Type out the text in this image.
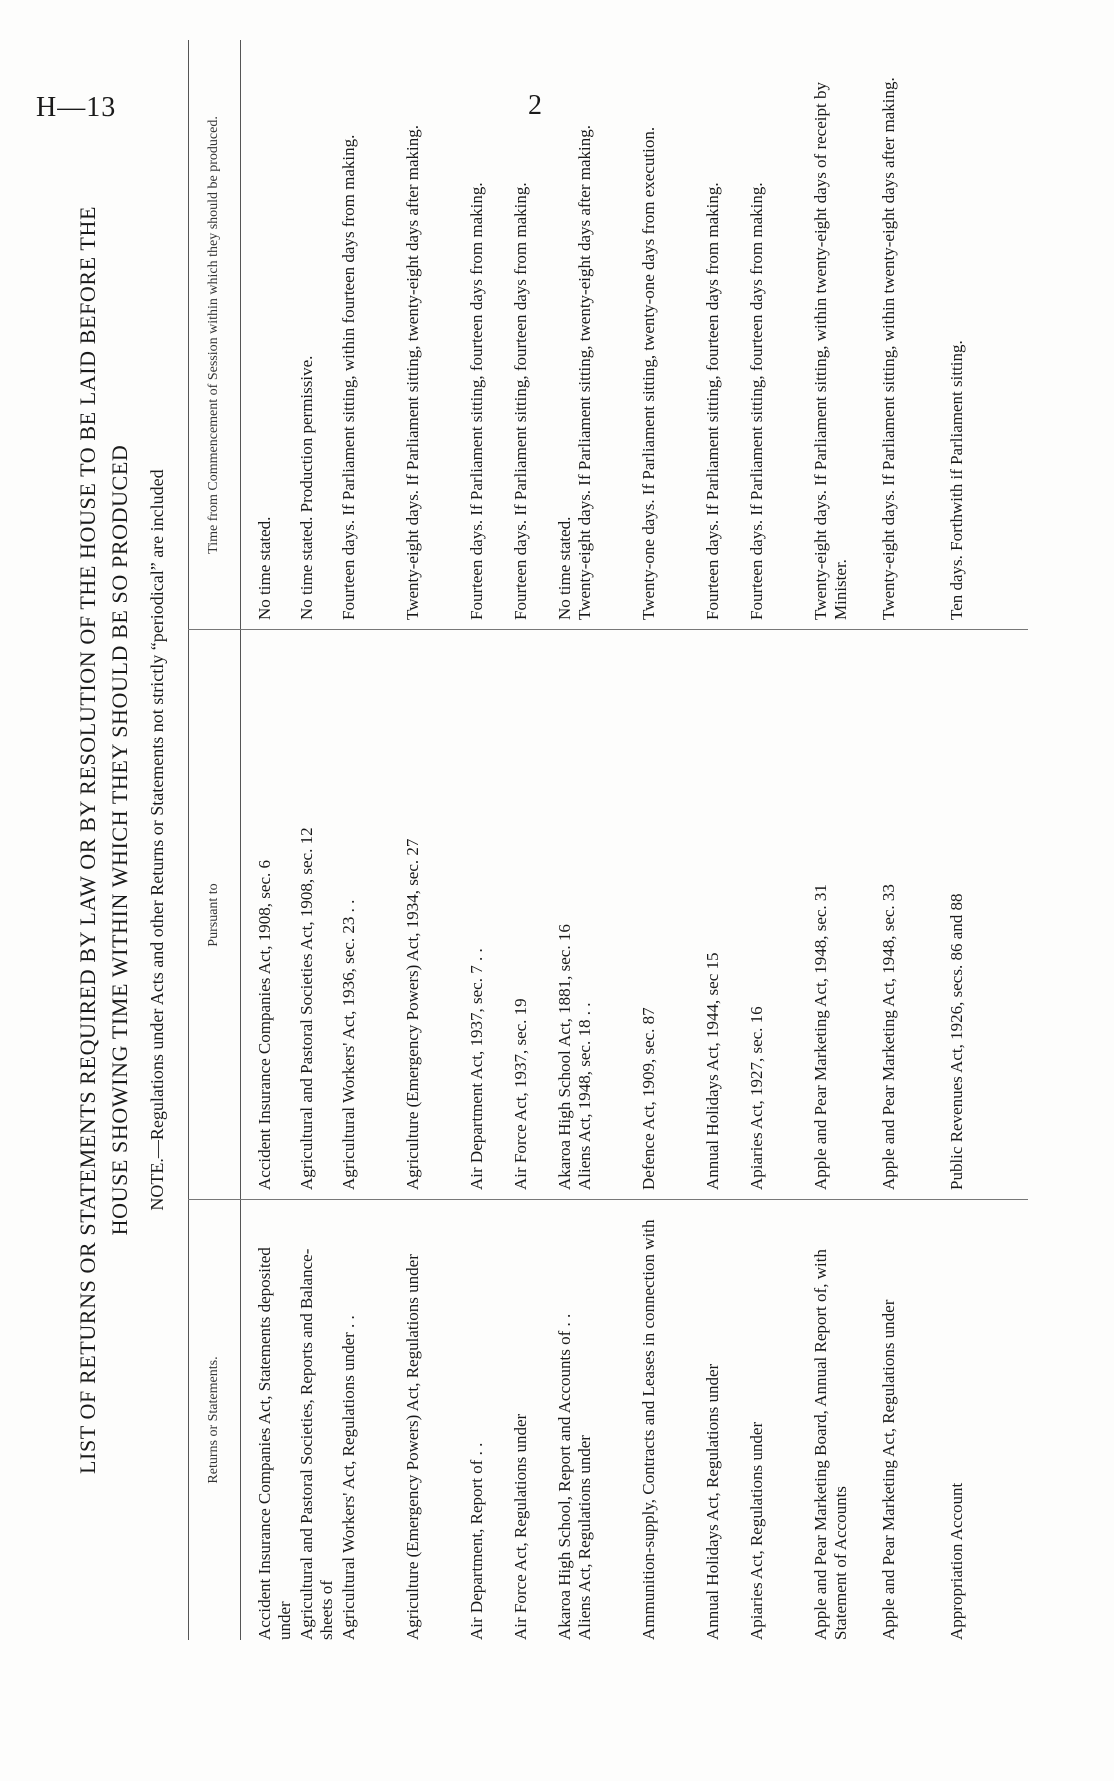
H—13	2
LIST OF RETURNS OR STATEMENTS REQUIRED BY LAW OR BY RESOLUTION OF THE HOUSE TO BE LAID BEFORE THE HOUSE SHOWING TIME WITHIN WHICH THEY SHOULD BE SO PRODUCED NOTE.—Regulations under Acts and other Returns or Statements not strictly “periodical” are included
Returns or Statements.
Pursuant to
Time from Commencement of Session within which they should be produced.
Accident Insurance Companies Act, Statements deposited under
Accident Insurance Companies Act, 1908, sec. 6
No time stated.
Agricultural and Pastoral Societies, Reports and Balance-sheets of
Agricultural and Pastoral Societies Act, 1908, sec. 12
No time stated. Production permissive.
Agricultural Workers' Act, Regulations under . .
Agricultural Workers' Act, 1936, sec. 23 . .
Fourteen days. If Parliament sitting, within fourteen days from making.
Agriculture (Emergency Powers) Act, Regulations under
Agriculture (Emergency Powers) Act, 1934, sec. 27
Twenty-eight days. If Parliament sitting, twenty-eight days after making.
Air Department, Report of . .
Air Department Act, 1937, sec. 7 . .
Fourteen days. If Parliament sitting, fourteen days from making.
Air Force Act, Regulations under
Air Force Act, 1937, sec. 19
Fourteen days. If Parliament sitting, fourteen days from making.
Akaroa High School, Report and Accounts of . .
Akaroa High School Act, 1881, sec. 16
No time stated.
Aliens Act, Regulations under
Aliens Act, 1948, sec. 18 . .
Twenty-eight days. If Parliament sitting, twenty-eight days after making.
Ammunition-supply, Contracts and Leases in connection with
Defence Act, 1909, sec. 87
Twenty-one days. If Parliament sitting, twenty-one days from execution.
Annual Holidays Act, Regulations under
Annual Holidays Act, 1944, sec 15
Fourteen days. If Parliament sitting, fourteen days from making.
Apiaries Act, Regulations under
Apiaries Act, 1927, sec. 16
Fourteen days. If Parliament sitting, fourteen days from making.
Apple and Pear Marketing Board, Annual Report of, with Statement of Accounts
Apple and Pear Marketing Act, 1948, sec. 31
Twenty-eight days. If Parliament sitting, within twenty-eight days of receipt by Minister.
Apple and Pear Marketing Act, Regulations under
Apple and Pear Marketing Act, 1948, sec. 33
Twenty-eight days. If Parliament sitting, within twenty-eight days after making.
Appropriation Account
Public Revenues Act, 1926, secs. 86 and 88
Ten days. Forthwith if Parliament sitting.
